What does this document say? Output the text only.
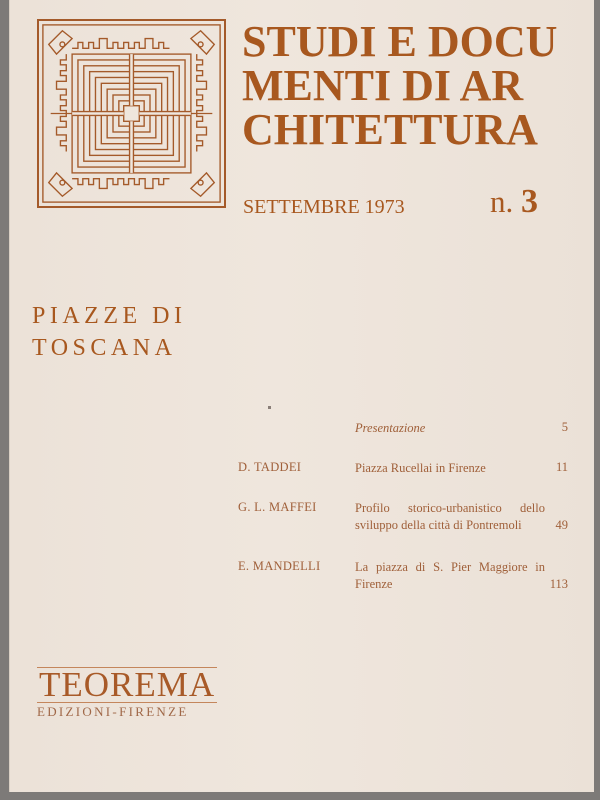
STUDI E DOCU
MENTI DI AR
CHITETTURA
SETTEMBRE 1973	n. 3
PIAZZE DI
TOSCANA
Presentazione	5
D. TADDEI	Piazza Rucellai in Firenze	11
G. L. MAFFEI	Profilo storico-urbanistico dello sviluppo della città di Pontremoli	49
E. MANDELLI	La piazza di S. Pier Maggiore in Firenze	113
TEOREMA
EDIZIONI-FIRENZE
